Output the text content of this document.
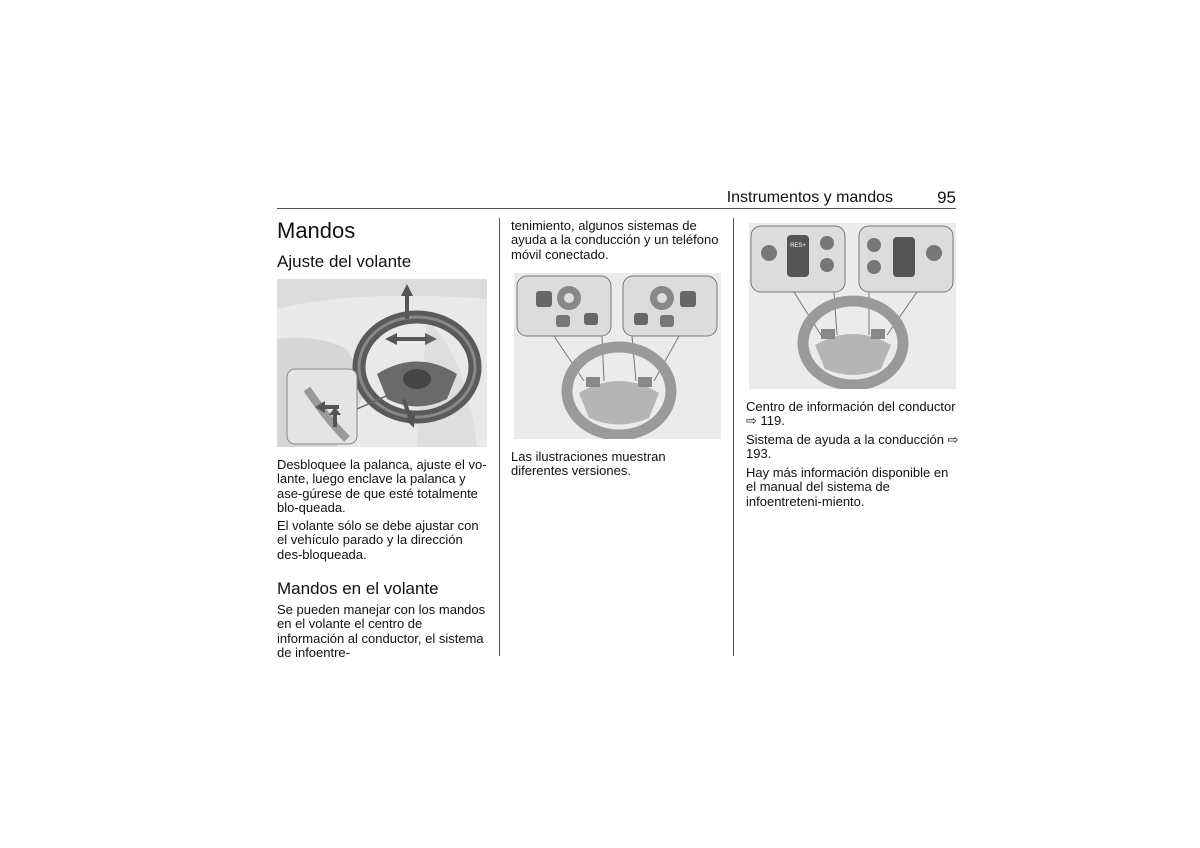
Instrumentos y mandos	95
Mandos
Ajuste del volante

Desbloquee la palanca, ajuste el vo-lante, luego enclave la palanca y ase-gúrese de que esté totalmente blo-queada.

El volante sólo se debe ajustar con el vehículo parado y la dirección des-bloqueada.

Mandos en el volante

Se pueden manejar con los mandos en el volante el centro de información al conductor, el sistema de infoentre-

tenimiento, algunos sistemas de ayuda a la conducción y un teléfono móvil conectado.

Las ilustraciones muestran diferentes versiones.

RES+

Centro de información del conductor ⇨ 119.

Sistema de ayuda a la conducción ⇨ 193.

Hay más información disponible en el manual del sistema de infoentreteni-miento.
